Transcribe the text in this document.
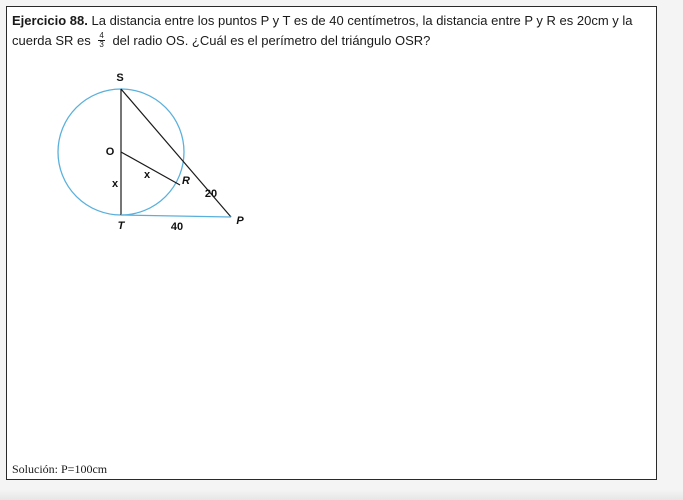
Ejercicio 88. La distancia entre los puntos P y T es de 40 centímetros, la distancia entre P y R es 20cm y la cuerda SR es $\frac{4}{3}$ del radio OS. ¿Cuál es el perímetro del triángulo OSR?
S
O
R
T	P
x
x
20
40
Solución: P=100cm
